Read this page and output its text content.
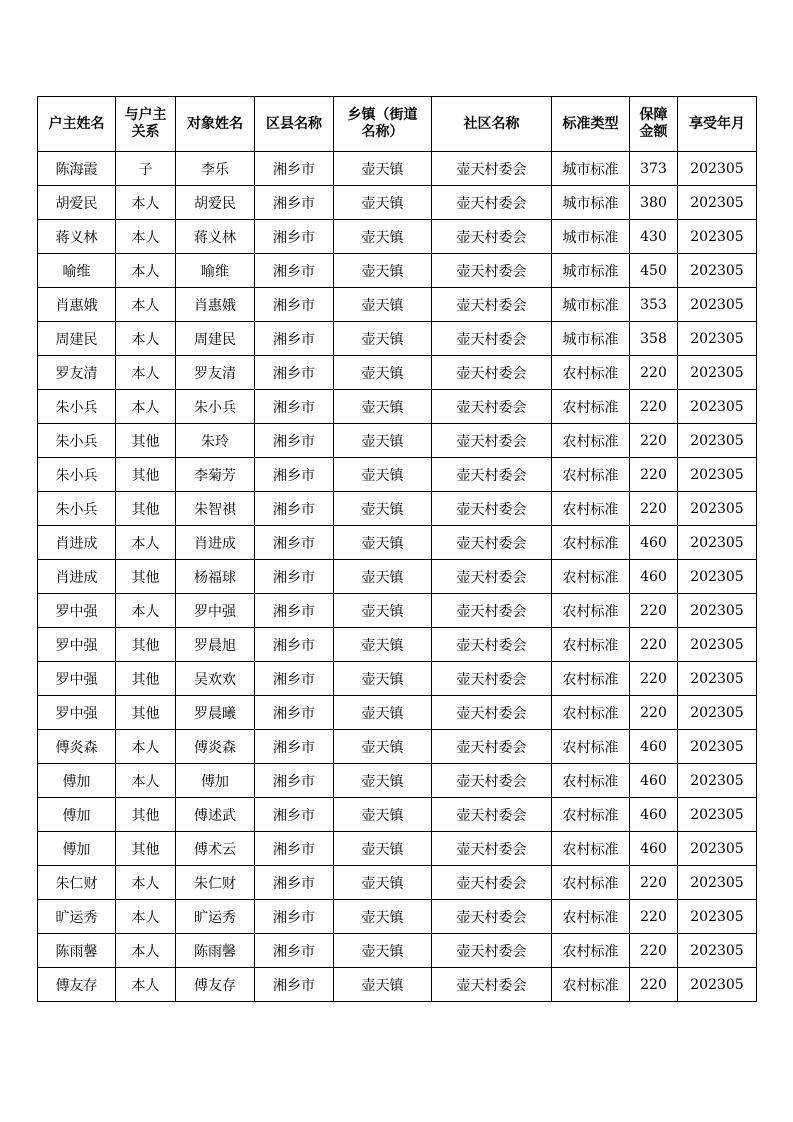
户主姓名	与户主关系	对象姓名	区县名称	乡镇（街道名称）	社区名称	标准类型	保障金额	享受年月
陈海霞	子	李乐	湘乡市	壶天镇	壶天村委会	城市标准	373	202305
胡爱民	本人	胡爱民	湘乡市	壶天镇	壶天村委会	城市标准	380	202305
蒋义林	本人	蒋义林	湘乡市	壶天镇	壶天村委会	城市标准	430	202305
喻维	本人	喻维	湘乡市	壶天镇	壶天村委会	城市标准	450	202305
肖惠娥	本人	肖惠娥	湘乡市	壶天镇	壶天村委会	城市标准	353	202305
周建民	本人	周建民	湘乡市	壶天镇	壶天村委会	城市标准	358	202305
罗友清	本人	罗友清	湘乡市	壶天镇	壶天村委会	农村标准	220	202305
朱小兵	本人	朱小兵	湘乡市	壶天镇	壶天村委会	农村标准	220	202305
朱小兵	其他	朱玲	湘乡市	壶天镇	壶天村委会	农村标准	220	202305
朱小兵	其他	李菊芳	湘乡市	壶天镇	壶天村委会	农村标准	220	202305
朱小兵	其他	朱智祺	湘乡市	壶天镇	壶天村委会	农村标准	220	202305
肖进成	本人	肖进成	湘乡市	壶天镇	壶天村委会	农村标准	460	202305
肖进成	其他	杨福球	湘乡市	壶天镇	壶天村委会	农村标准	460	202305
罗中强	本人	罗中强	湘乡市	壶天镇	壶天村委会	农村标准	220	202305
罗中强	其他	罗晨旭	湘乡市	壶天镇	壶天村委会	农村标准	220	202305
罗中强	其他	吴欢欢	湘乡市	壶天镇	壶天村委会	农村标准	220	202305
罗中强	其他	罗晨曦	湘乡市	壶天镇	壶天村委会	农村标准	220	202305
傅炎森	本人	傅炎森	湘乡市	壶天镇	壶天村委会	农村标准	460	202305
傅加	本人	傅加	湘乡市	壶天镇	壶天村委会	农村标准	460	202305
傅加	其他	傅述武	湘乡市	壶天镇	壶天村委会	农村标准	460	202305
傅加	其他	傅术云	湘乡市	壶天镇	壶天村委会	农村标准	460	202305
朱仁财	本人	朱仁财	湘乡市	壶天镇	壶天村委会	农村标准	220	202305
旷运秀	本人	旷运秀	湘乡市	壶天镇	壶天村委会	农村标准	220	202305
陈雨馨	本人	陈雨馨	湘乡市	壶天镇	壶天村委会	农村标准	220	202305
傅友存	本人	傅友存	湘乡市	壶天镇	壶天村委会	农村标准	220	202305
